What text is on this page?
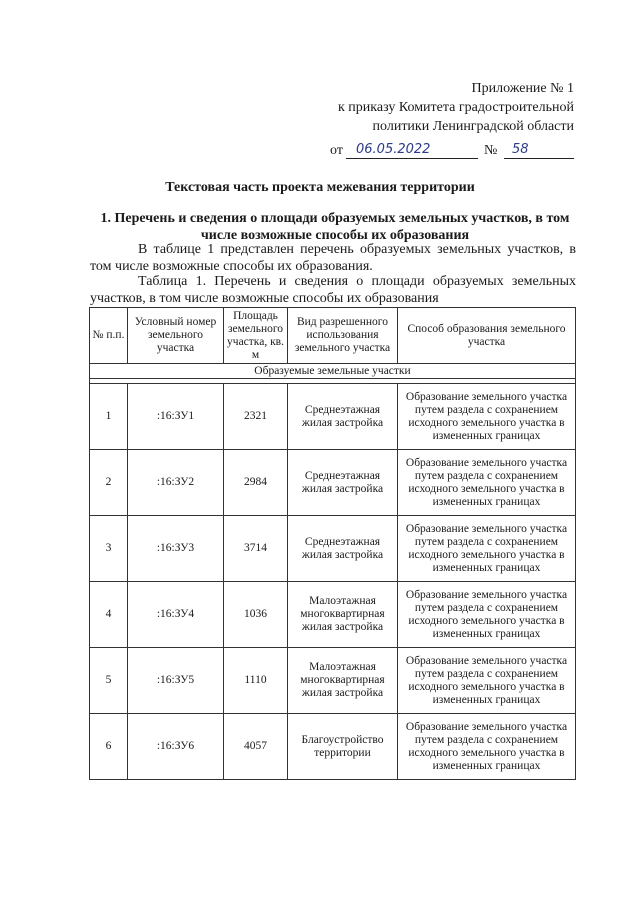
Приложение № 1
к приказу Комитета градостроительной
политики Ленинградской области
от 06.05.2022	№ 58
Текстовая часть проекта межевания территории
1. Перечень и сведения о площади образуемых земельных участков, в том числе возможные способы их образования
В таблице 1 представлен перечень образуемых земельных участков, в том числе возможные способы их образования.
Таблица 1. Перечень и сведения о площади образуемых земельных участков, в том числе возможные способы их образования
№ п.п.	Условный номер земельного участка	Площадь земельного участка, кв. м	Вид разрешенного использования земельного участка	Способ образования земельного участка
Образуемые земельные участки				

1	:16:ЗУ1	2321	Среднеэтажная жилая застройка	Образование земельного участка путем раздела с сохранением исходного земельного участка в измененных границах
2	:16:ЗУ2	2984	Среднеэтажная жилая застройка	Образование земельного участка путем раздела с сохранением исходного земельного участка в измененных границах
3	:16:ЗУ3	3714	Среднеэтажная жилая застройка	Образование земельного участка путем раздела с сохранением исходного земельного участка в измененных границах
4	:16:ЗУ4	1036	Малоэтажная многоквартирная жилая застройка	Образование земельного участка путем раздела с сохранением исходного земельного участка в измененных границах
5	:16:ЗУ5	1110	Малоэтажная многоквартирная жилая застройка	Образование земельного участка путем раздела с сохранением исходного земельного участка в измененных границах
6	:16:ЗУ6	4057	Благоустройство территории	Образование земельного участка путем раздела с сохранением исходного земельного участка в измененных границах
